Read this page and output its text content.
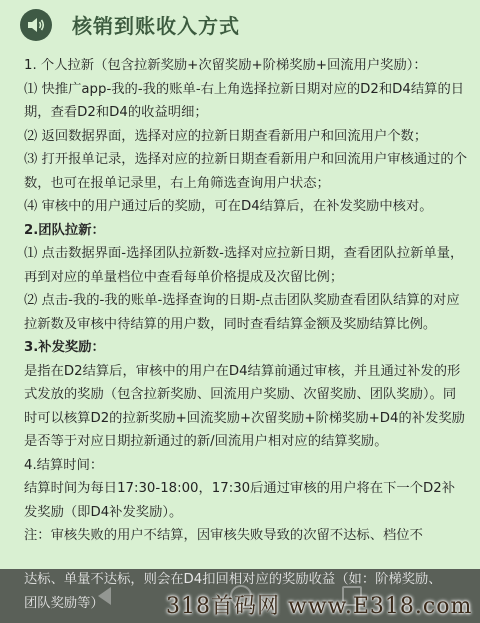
核销到账收入方式

1. 个人拉新（包含拉新奖励+次留奖励+阶梯奖励+回流用户奖励）：

⑴ 快推广app-我的-我的账单-右上角选择拉新日期对应的D2和D4结算的日期，查看D2和D4的收益明细；

⑵ 返回数据界面，选择对应的拉新日期查看新用户和回流用户个数；

⑶ 打开报单记录，选择对应的拉新日期查看新用户和回流用户审核通过的个数，也可在报单记录里，右上角筛选查询用户状态；

⑷ 审核中的用户通过后的奖励，可在D4结算后，在补发奖励中核对。

2.团队拉新：

⑴ 点击数据界面-选择团队拉新数-选择对应拉新日期，查看团队拉新单量，再到对应的单量档位中查看每单价格提成及次留比例；

⑵ 点击-我的-我的账单-选择查询的日期-点击团队奖励查看团队结算的对应拉新数及审核中待结算的用户数，同时查看结算金额及奖励结算比例。

3.补发奖励：

是指在D2结算后，审核中的用户在D4结算前通过审核，并且通过补发的形式发放的奖励（包含拉新奖励、回流用户奖励、次留奖励、团队奖励）。同时可以核算D2的拉新奖励+回流奖励+次留奖励+阶梯奖励+D4的补发奖励是否等于对应日期拉新通过的新/回流用户相对应的结算奖励。

4.结算时间：

结算时间为每日17:30-18:00，17:30后通过审核的用户将在下一个D2补发奖励（即D4补发奖励）。

注：审核失败的用户不结算，因审核失败导致的次留不达标、档位不

达标、单量不达标，则会在D4扣回相对应的奖励收益（如：阶梯奖励、

团队奖励等）	318首码网 www.E318.com
